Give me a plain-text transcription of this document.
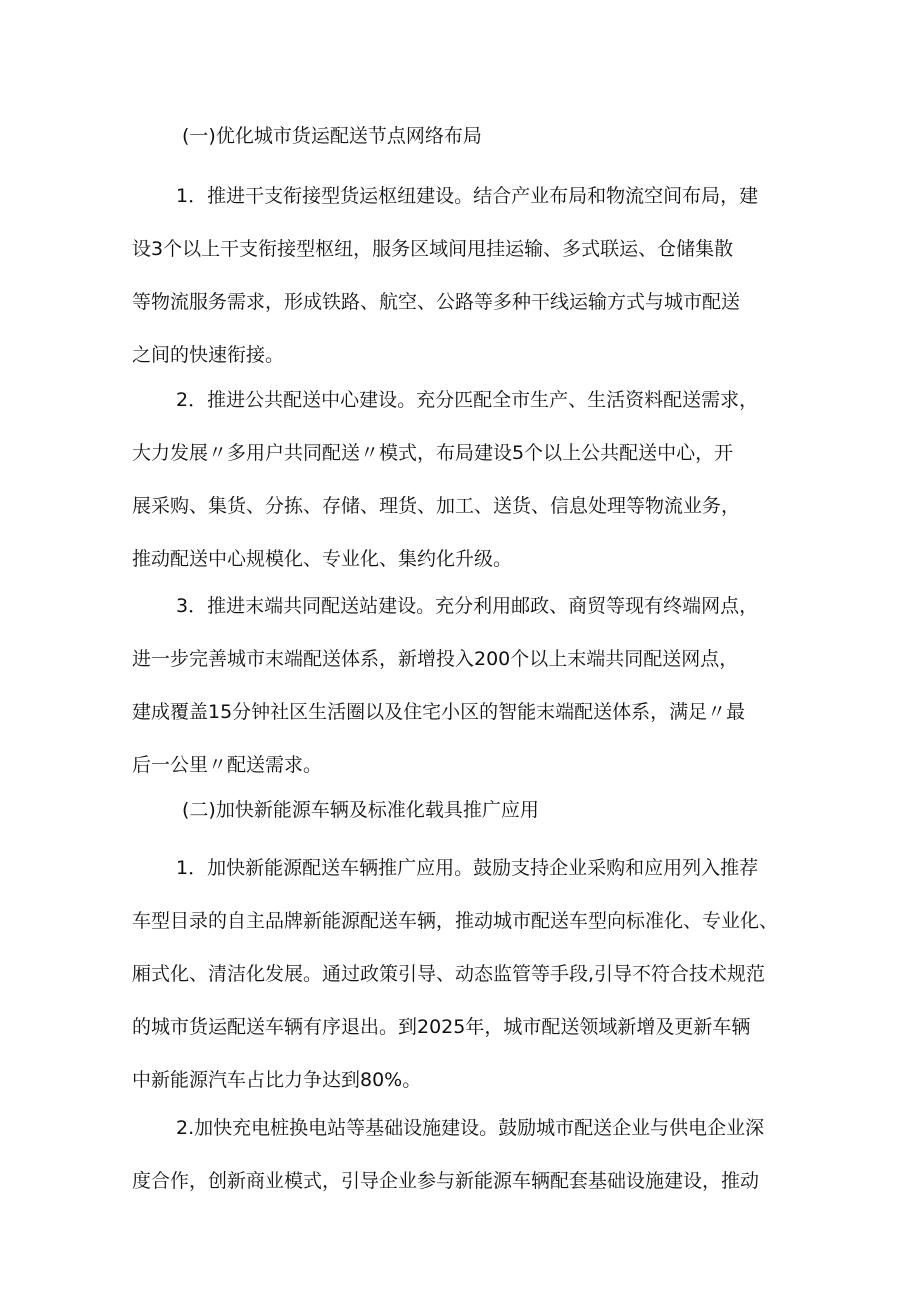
(一)优化城市货运配送节点网络布局
1．推进干支衔接型货运枢纽建设。结合产业布局和物流空间布局，建
设3个以上干支衔接型枢纽，服务区域间甩挂运输、多式联运、仓储集散
等物流服务需求，形成铁路、航空、公路等多种干线运输方式与城市配送
之间的快速衔接。
2．推进公共配送中心建设。充分匹配全市生产、生活资料配送需求，
大力发展〃多用户共同配送〃模式，布局建设5个以上公共配送中心，开
展采购、集货、分拣、存储、理货、加工、送货、信息处理等物流业务，
推动配送中心规模化、专业化、集约化升级。
3．推进末端共同配送站建设。充分利用邮政、商贸等现有终端网点，
进一步完善城市末端配送体系，新增投入200个以上末端共同配送网点，
建成覆盖15分钟社区生活圈以及住宅小区的智能末端配送体系，满足〃最
后一公里〃配送需求。
(二)加快新能源车辆及标准化载具推广应用
1．加快新能源配送车辆推广应用。鼓励支持企业采购和应用列入推荐
车型目录的自主品牌新能源配送车辆，推动城市配送车型向标准化、专业化、
厢式化、清洁化发展。通过政策引导、动态监管等手段,引导不符合技术规范
的城市货运配送车辆有序退出。到2025年，城市配送领域新增及更新车辆
中新能源汽车占比力争达到80%。
2.加快充电桩换电站等基础设施建设。鼓励城市配送企业与供电企业深
度合作，创新商业模式，引导企业参与新能源车辆配套基础设施建设，推动
